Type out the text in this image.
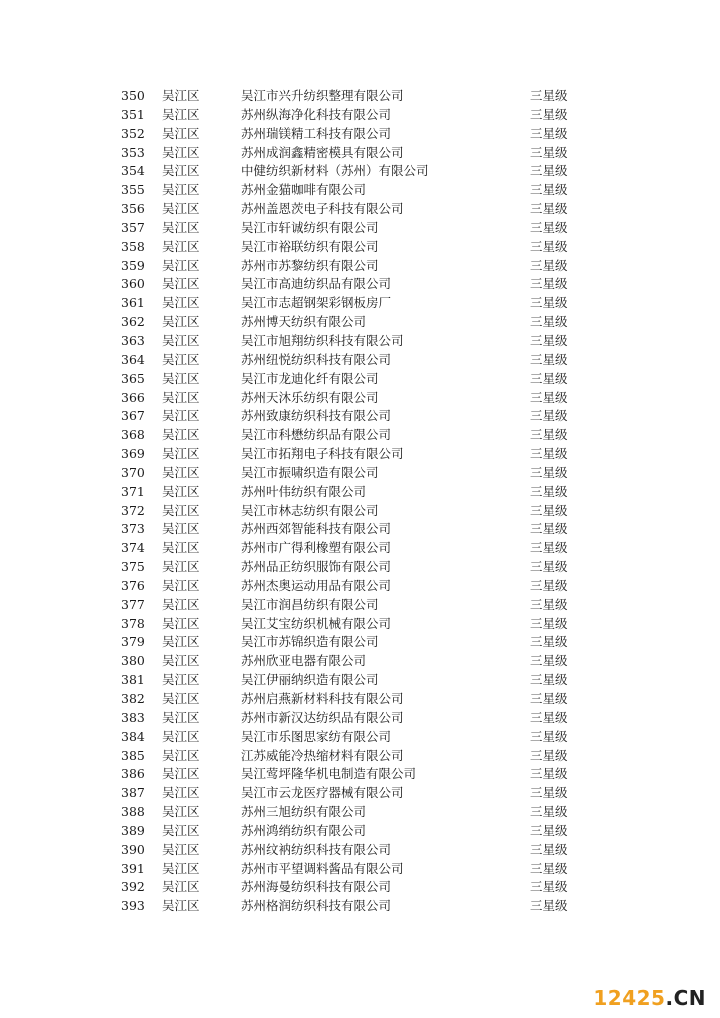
350 吴江区	吴江市兴升纺织整理有限公司	三星级
351 吴江区	苏州纵海净化科技有限公司	三星级
352 吴江区	苏州瑞镁精工科技有限公司	三星级
353 吴江区	苏州成润鑫精密模具有限公司	三星级
354 吴江区	中健纺织新材料（苏州）有限公司	三星级
355 吴江区	苏州金猫咖啡有限公司	三星级
356 吴江区	苏州盖恩茨电子科技有限公司	三星级
357 吴江区	吴江市轩诚纺织有限公司	三星级
358 吴江区	吴江市裕联纺织有限公司	三星级
359 吴江区	苏州市苏黎纺织有限公司	三星级
360 吴江区	吴江市高迪纺织品有限公司	三星级
361 吴江区	吴江市志超钢架彩钢板房厂	三星级
362 吴江区	苏州博天纺织有限公司	三星级
363 吴江区	吴江市旭翔纺织科技有限公司	三星级
364 吴江区	苏州纽悦纺织科技有限公司	三星级
365 吴江区	吴江市龙迪化纤有限公司	三星级
366 吴江区	苏州天沐乐纺织有限公司	三星级
367 吴江区	苏州致康纺织科技有限公司	三星级
368 吴江区	吴江市科懋纺织品有限公司	三星级
369 吴江区	吴江市拓翔电子科技有限公司	三星级
370 吴江区	吴江市振啸织造有限公司	三星级
371 吴江区	苏州叶伟纺织有限公司	三星级
372 吴江区	吴江市林志纺织有限公司	三星级
373 吴江区	苏州西郊智能科技有限公司	三星级
374 吴江区	苏州市广得利橡塑有限公司	三星级
375 吴江区	苏州品正纺织服饰有限公司	三星级
376 吴江区	苏州杰奥运动用品有限公司	三星级
377 吴江区	吴江市润昌纺织有限公司	三星级
378 吴江区	吴江艾宝纺织机械有限公司	三星级
379 吴江区	吴江市苏锦织造有限公司	三星级
380 吴江区	苏州欣亚电器有限公司	三星级
381 吴江区	吴江伊丽纳织造有限公司	三星级
382 吴江区	苏州启燕新材料科技有限公司	三星级
383 吴江区	苏州市新汉达纺织品有限公司	三星级
384 吴江区	吴江市乐图思家纺有限公司	三星级
385 吴江区	江苏威能冷热缩材料有限公司	三星级
386 吴江区	吴江莺坪隆华机电制造有限公司	三星级
387 吴江区	吴江市云龙医疗器械有限公司	三星级
388 吴江区	苏州三旭纺织有限公司	三星级
389 吴江区	苏州鸿绡纺织有限公司	三星级
390 吴江区	苏州纹衲纺织科技有限公司	三星级
391 吴江区	苏州市平望调料酱品有限公司	三星级
392 吴江区	苏州海曼纺织科技有限公司	三星级
393 吴江区	苏州格润纺织科技有限公司	三星级
12425.CN
